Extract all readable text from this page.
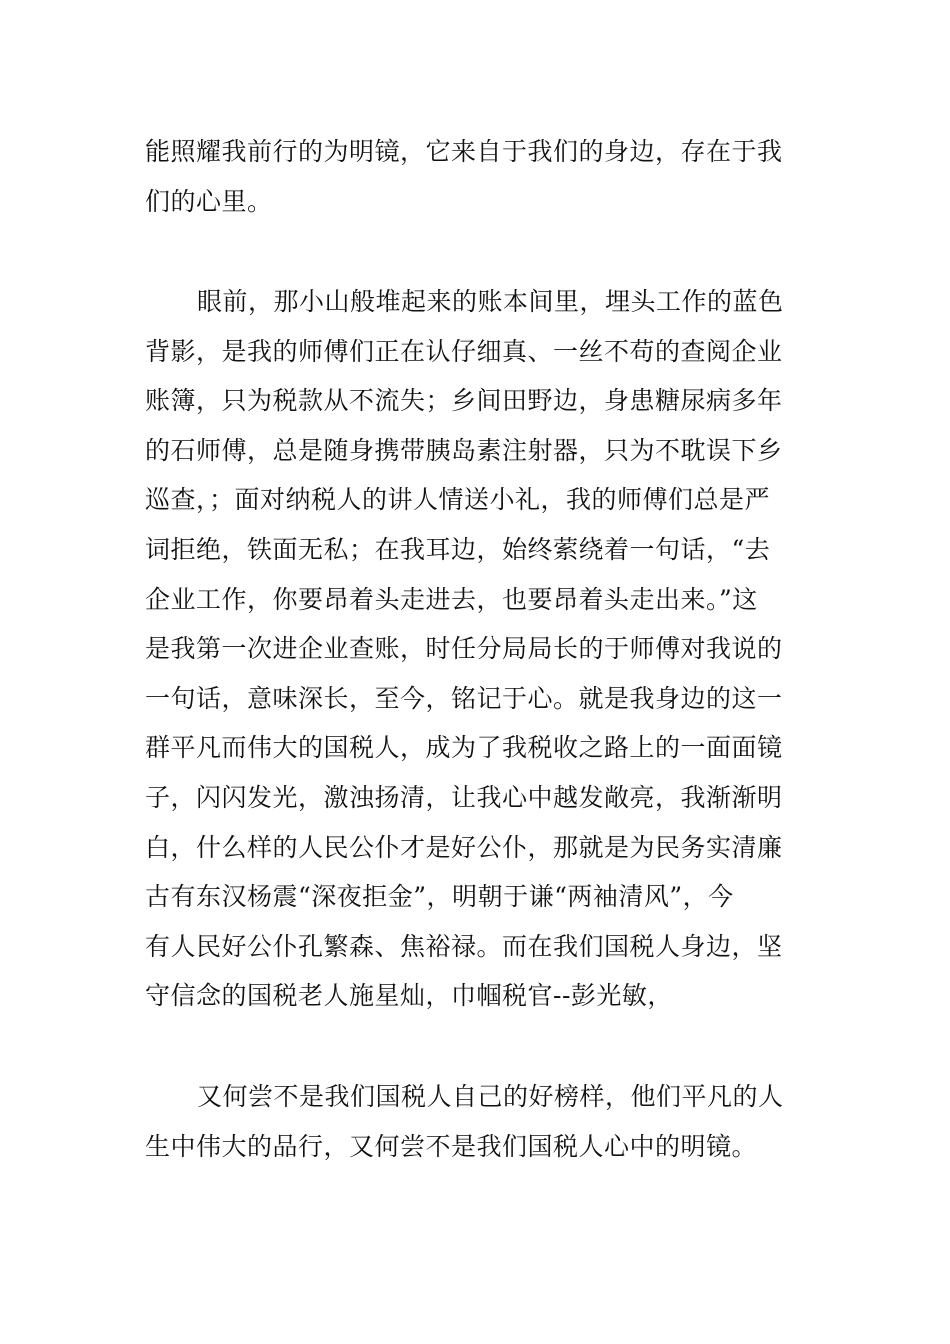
能照耀我前行的为明镜，它来自于我们的身边，存在于我
们的心里。
眼前，那小山般堆起来的账本间里，埋头工作的蓝色
背影，是我的师傅们正在认仔细真、一丝不苟的查阅企业
账簿，只为税款从不流失；乡间田野边，身患糖尿病多年
的石师傅，总是随身携带胰岛素注射器，只为不耽误下乡
巡查，；面对纳税人的讲人情送小礼，我的师傅们总是严
词拒绝，铁面无私；在我耳边，始终萦绕着一句话，“去
企业工作，你要昂着头走进去，也要昂着头走出来。”这
是我第一次进企业查账，时任分局局长的于师傅对我说的
一句话，意味深长，至今，铭记于心。就是我身边的这一
群平凡而伟大的国税人，成为了我税收之路上的一面面镜
子，闪闪发光，激浊扬清，让我心中越发敞亮，我渐渐明
白，什么样的人民公仆才是好公仆，那就是为民务实清廉
古有东汉杨震“深夜拒金”，明朝于谦“两袖清风”，今
有人民好公仆孔繁森、焦裕禄。而在我们国税人身边，坚
守信念的国税老人施星灿，巾帼税官--彭光敏，
又何尝不是我们国税人自己的好榜样，他们平凡的人
生中伟大的品行，又何尝不是我们国税人心中的明镜。
